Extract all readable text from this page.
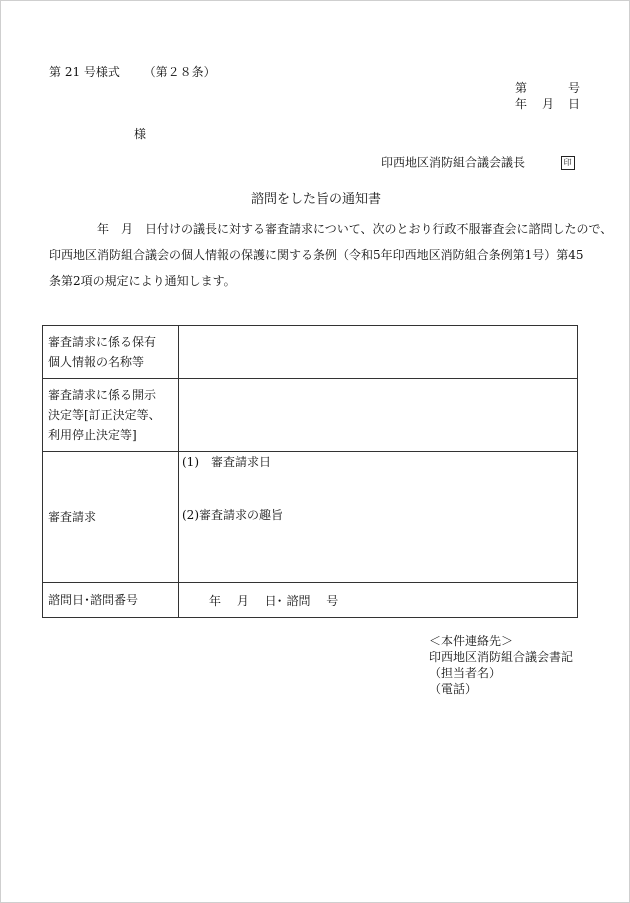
第 21 号様式 （第２８条）
第	号
年 月 日
様
印西地区消防組合議会議長	印
諮問をした旨の通知書

年　月　日付けの議長に対する審査請求について、次のとおり行政不服審査会に諮問したので、

印西地区消防組合議会の個人情報の保護に関する条例（令和5年印西地区消防組合条例第1号）第45

条第2項の規定により通知します。

審査請求に係る保有
個人情報の名称等	

審査請求に係る開示
決定等[訂正決定等、
利用停止決定等]	

審査請求	(1)　審査請求日
(2)審査請求の趣旨

諮問日･諮問番号	年　 月　 日･ 諮問　 号
＜本件連絡先＞
印西地区消防組合議会書記
（担当者名）
（電話）
